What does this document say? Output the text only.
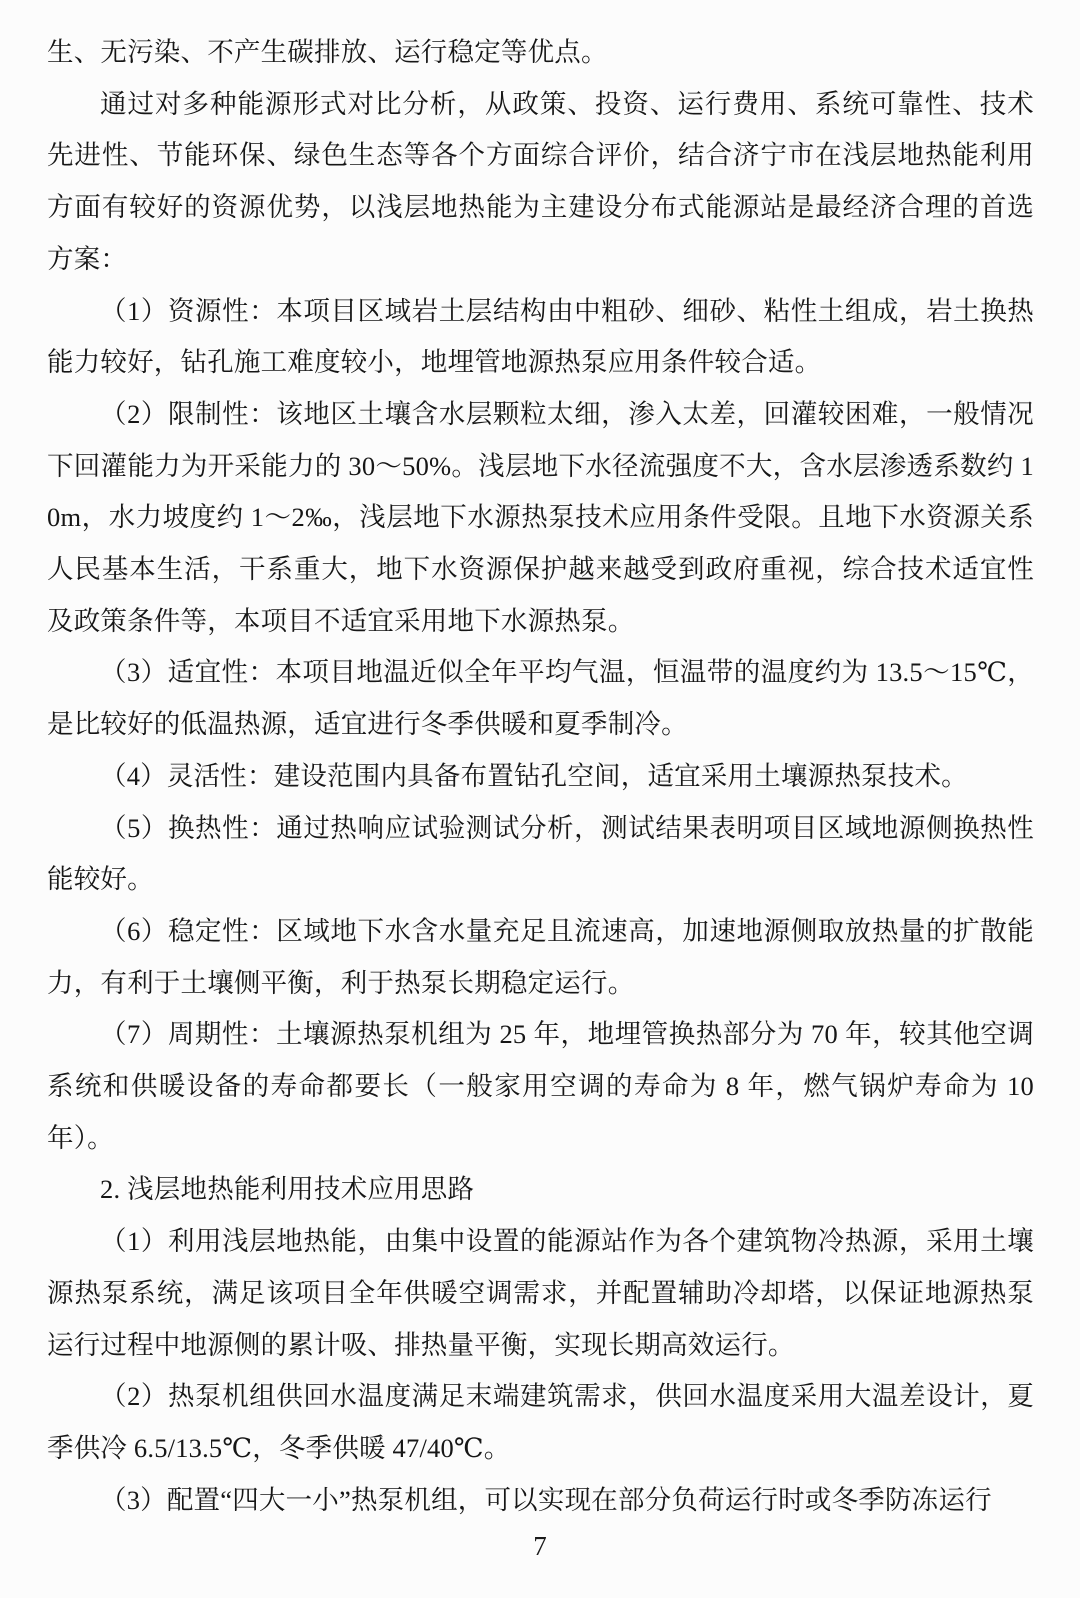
生、无污染、不产生碳排放、运行稳定等优点。

通过对多种能源形式对比分析，从政策、投资、运行费用、系统可靠性、技术先进性、节能环保、绿色生态等各个方面综合评价，结合济宁市在浅层地热能利用方面有较好的资源优势，以浅层地热能为主建设分布式能源站是最经济合理的首选方案：

（1）资源性：本项目区域岩土层结构由中粗砂、细砂、粘性土组成，岩土换热能力较好，钻孔施工难度较小，地埋管地源热泵应用条件较合适。

（2）限制性：该地区土壤含水层颗粒太细，渗入太差，回灌较困难，一般情况下回灌能力为开采能力的 30～50%。浅层地下水径流强度不大，含水层渗透系数约 10m，水力坡度约 1～2‰，浅层地下水源热泵技术应用条件受限。且地下水资源关系人民基本生活，干系重大，地下水资源保护越来越受到政府重视，综合技术适宜性及政策条件等，本项目不适宜采用地下水源热泵。

（3）适宜性：本项目地温近似全年平均气温，恒温带的温度约为 13.5～15℃，是比较好的低温热源，适宜进行冬季供暖和夏季制冷。

（4）灵活性：建设范围内具备布置钻孔空间，适宜采用土壤源热泵技术。

（5）换热性：通过热响应试验测试分析，测试结果表明项目区域地源侧换热性能较好。

（6）稳定性：区域地下水含水量充足且流速高，加速地源侧取放热量的扩散能力，有利于土壤侧平衡，利于热泵长期稳定运行。

（7）周期性：土壤源热泵机组为 25 年，地埋管换热部分为 70 年，较其他空调系统和供暖设备的寿命都要长（一般家用空调的寿命为 8 年，燃气锅炉寿命为 10 年）。

2. 浅层地热能利用技术应用思路

（1）利用浅层地热能，由集中设置的能源站作为各个建筑物冷热源，采用土壤源热泵系统，满足该项目全年供暖空调需求，并配置辅助冷却塔，以保证地源热泵运行过程中地源侧的累计吸、排热量平衡，实现长期高效运行。

（2）热泵机组供回水温度满足末端建筑需求，供回水温度采用大温差设计，夏季供冷 6.5/13.5℃，冬季供暖 47/40℃。

（3）配置“四大一小”热泵机组，可以实现在部分负荷运行时或冬季防冻运行

7
